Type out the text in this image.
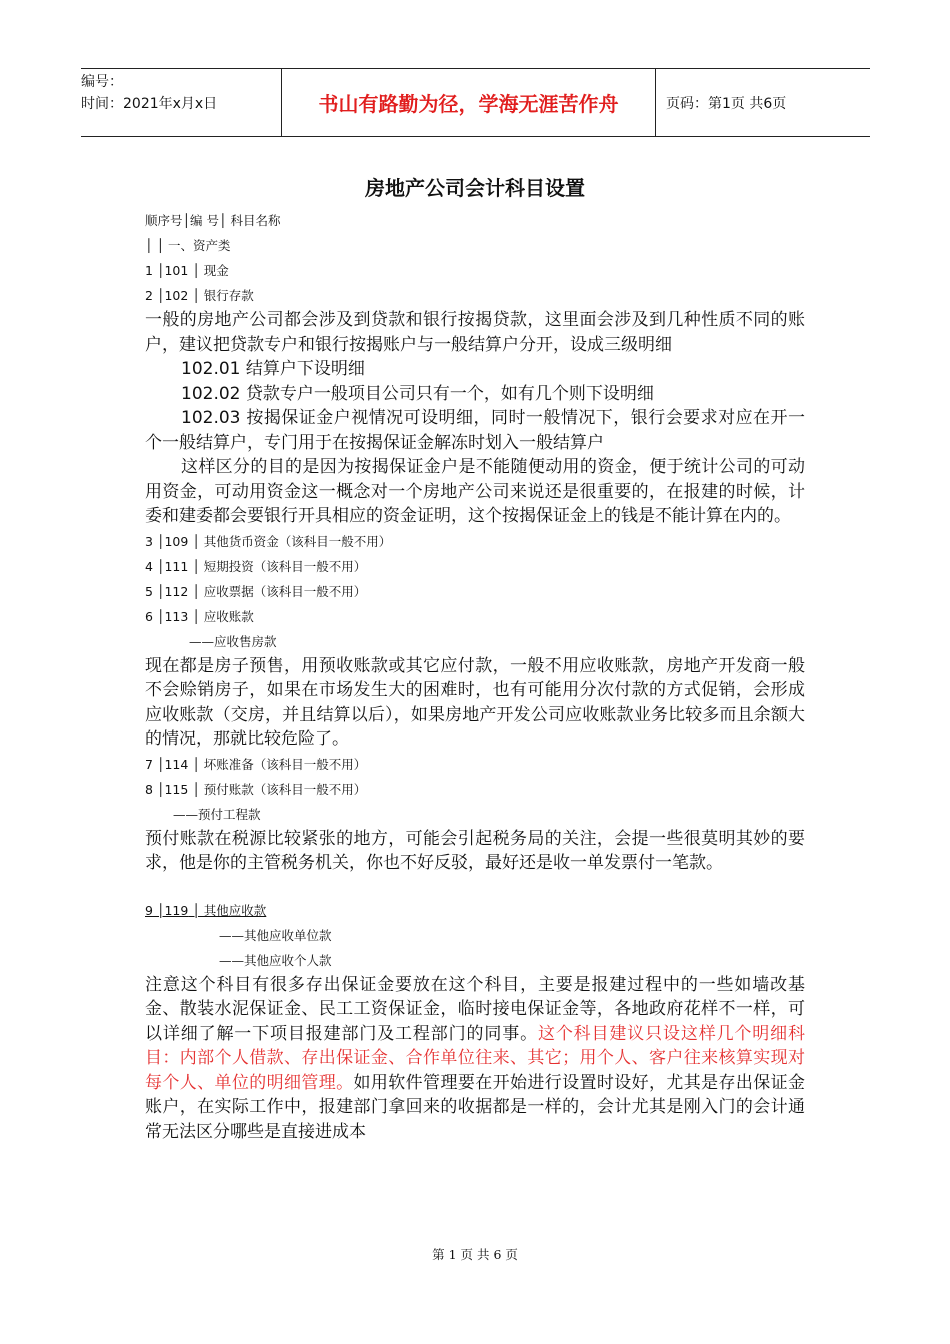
编号：
时间：2021年x月x日	书山有路勤为径，学海无涯苦作舟	页码：第1页 共6页
房地产公司会计科目设置
顺序号│编 号│ 科目名称
│ │ 一、资产类
1 │101 │ 现金
2 │102 │ 银行存款

一般的房地产公司都会涉及到贷款和银行按揭贷款，这里面会涉及到几种性质不同的账户，建议把贷款专户和银行按揭账户与一般结算户分开，设成三级明细

102.01 结算户下设明细

102.02 贷款专户一般项目公司只有一个，如有几个则下设明细

102.03 按揭保证金户视情况可设明细，同时一般情况下，银行会要求对应在开一个一般结算户，专门用于在按揭保证金解冻时划入一般结算户

这样区分的目的是因为按揭保证金户是不能随便动用的资金，便于统计公司的可动用资金，可动用资金这一概念对一个房地产公司来说还是很重要的，在报建的时候，计委和建委都会要银行开具相应的资金证明，这个按揭保证金上的钱是不能计算在内的。

3 │109 │ 其他货币资金（该科目一般不用）
4 │111 │ 短期投资（该科目一般不用）
5 │112 │ 应收票据（该科目一般不用）
6 │113 │ 应收账款
——应收售房款

现在都是房子预售，用预收账款或其它应付款，一般不用应收账款，房地产开发商一般不会赊销房子，如果在市场发生大的困难时，也有可能用分次付款的方式促销，会形成应收账款（交房，并且结算以后），如果房地产开发公司应收账款业务比较多而且余额大的情况，那就比较危险了。

7 │114 │ 坏账准备（该科目一般不用）
8 │115 │ 预付账款（该科目一般不用）
——预付工程款

预付账款在税源比较紧张的地方，可能会引起税务局的关注，会提一些很莫明其妙的要求，他是你的主管税务机关，你也不好反驳，最好还是收一单发票付一笔款。

9 │119 │ 其他应收款
——其他应收单位款
——其他应收个人款

注意这个科目有很多存出保证金要放在这个科目，主要是报建过程中的一些如墙改基金、散装水泥保证金、民工工资保证金，临时接电保证金等，各地政府花样不一样，可以详细了解一下项目报建部门及工程部门的同事。这个科目建议只设这样几个明细科目：内部个人借款、存出保证金、合作单位往来、其它；用个人、客户往来核算实现对每个人、单位的明细管理。如用软件管理要在开始进行设置时设好，尤其是存出保证金账户，在实际工作中，报建部门拿回来的收据都是一样的，会计尤其是刚入门的会计通常无法区分哪些是直接进成本

第 1 页 共 6 页
